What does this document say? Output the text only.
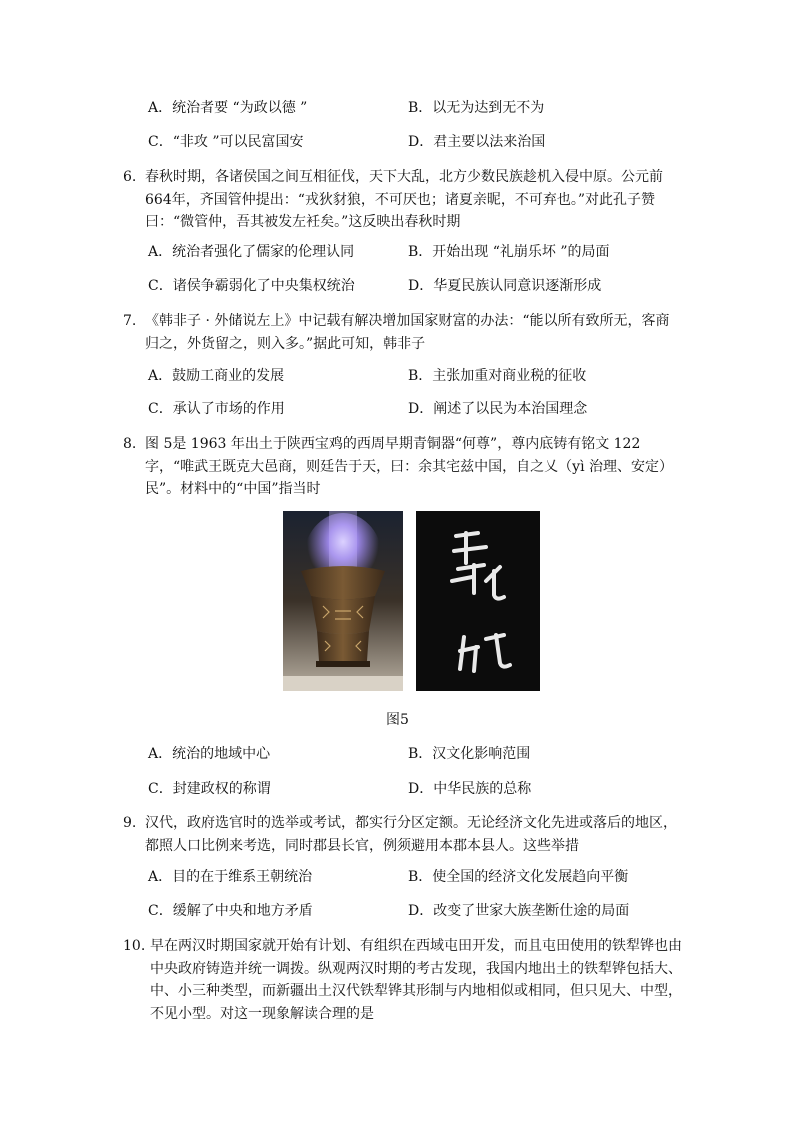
A．统治者要 “为政以德 ”	B．以无为达到无不为
C．“非攻 ”可以民富国安	D．君主要以法来治国
6. 春秋时期，各诸侯国之间互相征伐，天下大乱，北方少数民族趁机入侵中原。公元前664年，齐国管仲提出：“戎狄豺狼，不可厌也；诸夏亲昵，不可弃也。”对此孔子赞曰：“微管仲，吾其被发左衽矣。”这反映出春秋时期
A．统治者强化了儒家的伦理认同	B．开始出现 “礼崩乐坏 ”的局面
C．诸侯争霸弱化了中央集权统治	D．华夏民族认同意识逐渐形成
7. 《韩非子 · 外储说左上》中记载有解决增加国家财富的办法：“能以所有致所无，客商归之，外货留之，则入多。”据此可知，韩非子
A．鼓励工商业的发展	B．主张加重对商业税的征收
C．承认了市场的作用	D．阐述了以民为本治国理念
8. 图 5是 1963 年出土于陕西宝鸡的西周早期青铜器“何尊”，尊内底铸有铭文 122字，“唯武王既克大邑商，则廷告于天，曰：余其宅兹中国，自之乂（yì 治理、安定）民”。材料中的“中国”指当时
图5
A．统治的地域中心	B．汉文化影响范围
C．封建政权的称谓	D．中华民族的总称
9. 汉代，政府选官时的选举或考试，都实行分区定额。无论经济文化先进或落后的地区，都照人口比例来考选，同时郡县长官，例须避用本郡本县人。这些举措
A．目的在于维系王朝统治	B．使全国的经济文化发展趋向平衡
C．缓解了中央和地方矛盾	D．改变了世家大族垄断仕途的局面
10. 早在两汉时期国家就开始有计划、有组织在西域屯田开发，而且屯田使用的铁犁铧也由中央政府铸造并统一调拨。纵观两汉时期的考古发现，我国内地出土的铁犁铧包括大、中、小三种类型，而新疆出土汉代铁犁铧其形制与内地相似或相同，但只见大、中型，不见小型。对这一现象解读合理的是
